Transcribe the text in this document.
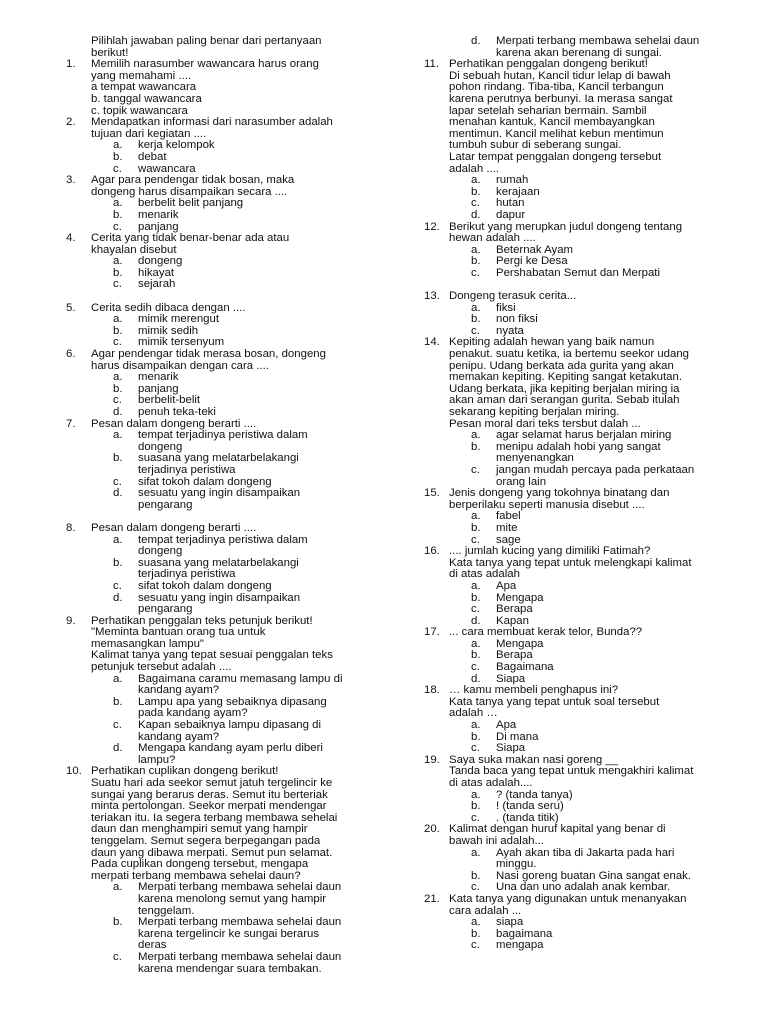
Pilihlah jawaban paling benar dari pertanyaan
berikut!
1. Memilih narasumber wawancara harus orang
yang memahami ....
a tempat wawancara
b. tanggal wawancara
c. topik wawancara
2. Mendapatkan informasi dari narasumber adalah
tujuan dari kegiatan ....
a. kerja kelompok
b. debat
c. wawancara
3. Agar para pendengar tidak bosan, maka
dongeng harus disampaikan secara ....
a. berbelit belit panjang
b. menarik
c. panjang
4. Cerita yang tidak benar-benar ada atau
khayalan disebut
a. dongeng
b. hikayat
c. sejarah
5. Cerita sedih dibaca dengan ....
a. mimik merengut
b. mimik sedih
c. mimik tersenyum
6. Agar pendengar tidak merasa bosan, dongeng
harus disampaikan dengan cara ....
a. menarik
b. panjang
c. berbelit-belit
d. penuh teka-teki
7. Pesan dalam dongeng berarti ....
a. tempat terjadinya peristiwa dalam
dongeng
b. suasana yang melatarbelakangi
terjadinya peristiwa
c. sifat tokoh dalam dongeng
d. sesuatu yang ingin disampaikan
pengarang
8. Pesan dalam dongeng berarti ....
a. tempat terjadinya peristiwa dalam
dongeng
b. suasana yang melatarbelakangi
terjadinya peristiwa
c. sifat tokoh dalam dongeng
d. sesuatu yang ingin disampaikan
pengarang
9. Perhatikan penggalan teks petunjuk berikut!
"Meminta bantuan orang tua untuk
memasangkan lampu"
Kalimat tanya yang tepat sesuai penggalan teks
petunjuk tersebut adalah ....
a. Bagaimana caramu memasang lampu di
kandang ayam?
b. Lampu apa yang sebaiknya dipasang
pada kandang ayam?
c. Kapan sebaiknya lampu dipasang di
kandang ayam?
d. Mengapa kandang ayam perlu diberi
lampu?
10. Perhatikan cuplikan dongeng berikut!
Suatu hari ada seekor semut jatuh tergelincir ke
sungai yang berarus deras. Semut itu berteriak
minta pertolongan. Seekor merpati mendengar
teriakan itu. Ia segera terbang membawa sehelai
daun dan menghampiri semut yang hampir
tenggelam. Semut segera berpegangan pada
daun yang dibawa merpati. Semut pun selamat.
Pada cuplikan dongeng tersebut, mengapa
merpati terbang membawa sehelai daun?
a. Merpati terbang membawa sehelai daun
karena menolong semut yang hampir
tenggelam.
b. Merpati terbang membawa sehelai daun
karena tergelincir ke sungai berarus
deras
c. Merpati terbang membawa sehelai daun
karena mendengar suara tembakan.
d. Merpati terbang membawa sehelai daun
karena akan berenang di sungai.
11. Perhatikan penggalan dongeng berikut!
Di sebuah hutan, Kancil tidur lelap di bawah
pohon rindang. Tiba-tiba, Kancil terbangun
karena perutnya berbunyi. Ia merasa sangat
lapar setelah seharian bermain. Sambil
menahan kantuk, Kancil membayangkan
mentimun. Kancil melihat kebun mentimun
tumbuh subur di seberang sungai.
Latar tempat penggalan dongeng tersebut
adalah ....
a. rumah
b. kerajaan
c. hutan
d. dapur
12. Berikut yang merupkan judul dongeng tentang
hewan adalah ....
a. Beternak Ayam
b. Pergi ke Desa
c. Pershabatan Semut dan Merpati
13. Dongeng terasuk cerita...
a. fiksi
b. non fiksi
c. nyata
14. Kepiting adalah hewan yang baik namun
penakut. suatu ketika, ia bertemu seekor udang
penipu. Udang berkata ada gurita yang akan
memakan kepiting. Kepiting sangat ketakutan.
Udang berkata, jika kepiting berjalan miring ia
akan aman dari serangan gurita. Sebab itulah
sekarang kepiting berjalan miring.
Pesan moral dari teks tersbut dalah ...
a. agar selamat harus berjalan miring
b. menipu adalah hobi yang sangat
menyenangkan
c. jangan mudah percaya pada perkataan
orang lain
15. Jenis dongeng yang tokohnya binatang dan
berperilaku seperti manusia disebut ....
a. fabel
b. mite
c. sage
16. .... jumlah kucing yang dimiliki Fatimah?
Kata tanya yang tepat untuk melengkapi kalimat
di atas adalah
a. Apa
b. Mengapa
c. Berapa
d. Kapan
17. ... cara membuat kerak telor, Bunda??
a. Mengapa
b. Berapa
c. Bagaimana
d. Siapa
18. … kamu membeli penghapus ini?
Kata tanya yang tepat untuk soal tersebut
adalah …
a. Apa
b. Di mana
c. Siapa
19. Saya suka makan nasi goreng __
Tanda baca yang tepat untuk mengakhiri kalimat
di atas adalah....
a. ? (tanda tanya)
b. ! (tanda seru)
c. . (tanda titik)
20. Kalimat dengan huruf kapital yang benar di
bawah ini adalah...
a. Ayah akan tiba di Jakarta pada hari
minggu.
b. Nasi goreng buatan Gina sangat enak.
c. Una dan uno adalah anak kembar.
21. Kata tanya yang digunakan untuk menanyakan
cara adalah ...
a. siapa
b. bagaimana
c. mengapa
